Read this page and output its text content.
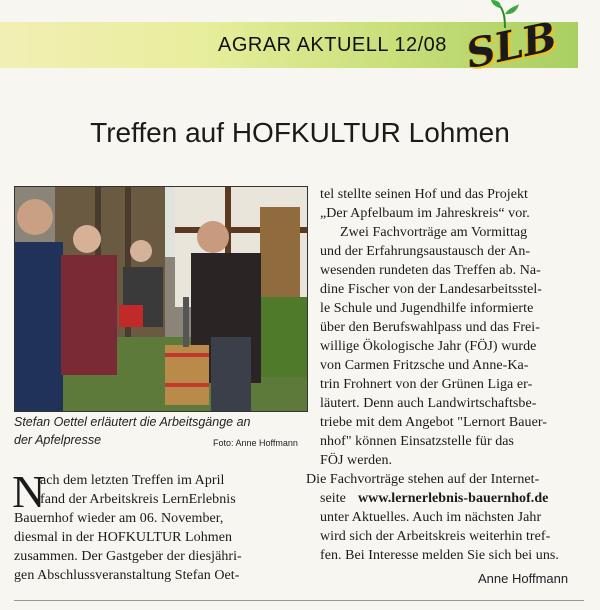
AGRAR AKTUELL 12/08 SLB
Treffen auf HOFKULTUR Lohmen
Stefan Oettel erläutert die Arbeitsgänge an
der Apfelpresse	Foto: Anne Hoffmann
N
ach dem letzten Treffen im April
fand der Arbeitskreis LernErlebnis
Bauernhof wieder am 06. November,
diesmal in der HOFKULTUR Lohmen
zusammen. Der Gastgeber der diesjähri-
gen Abschlussveranstaltung Stefan Oet-
tel stellte seinen Hof und das Projekt
„Der Apfelbaum im Jahreskreis“ vor.
Zwei Fachvorträge am Vormittag
und der Erfahrungsaustausch der An-
wesenden rundeten das Treffen ab. Na-
dine Fischer von der Landesarbeitsstel-
le Schule und Jugendhilfe informierte
über den Berufswahlpass und das Frei-
willige Ökologische Jahr (FÖJ) wurde
von Carmen Fritzsche und Anne-Ka-
trin Frohnert von der Grünen Liga er-
läutert. Denn auch Landwirtschaftsbe-
triebe mit dem Angebot "Lernort Bauer-
nhof" können Einsatzstelle für das
FÖJ werden.
Die Fachvorträge stehen auf der Internet-
seite www.lernerlebnis-bauernhof.de
unter Aktuelles. Auch im nächsten Jahr
wird sich der Arbeitskreis weiterhin tref-
fen. Bei Interesse melden Sie sich bei uns.
Anne Hoffmann
